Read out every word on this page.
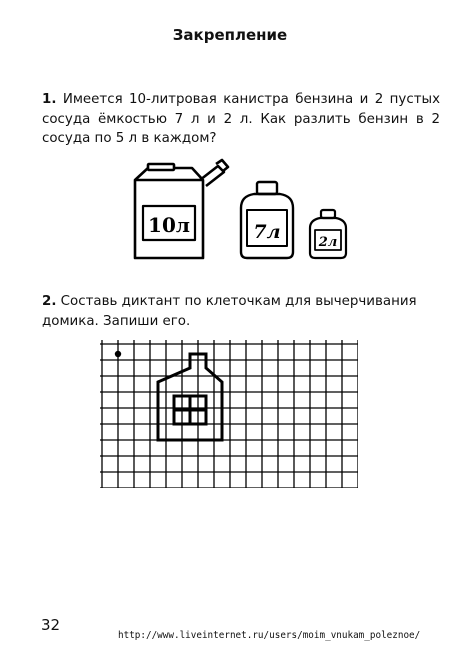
Закрепление
1. Имеется 10-литровая канистра бензина и 2 пустых сосуда ёмкостью 7 л и 2 л. Как разлить бензин в 2 сосуда по 5 л в каждом?
10л	7л	2л
2. Составь диктант по клеточкам для вычерчивания домика. Запиши его.
32
http://www.liveinternet.ru/users/moim_vnukam_poleznoe/
